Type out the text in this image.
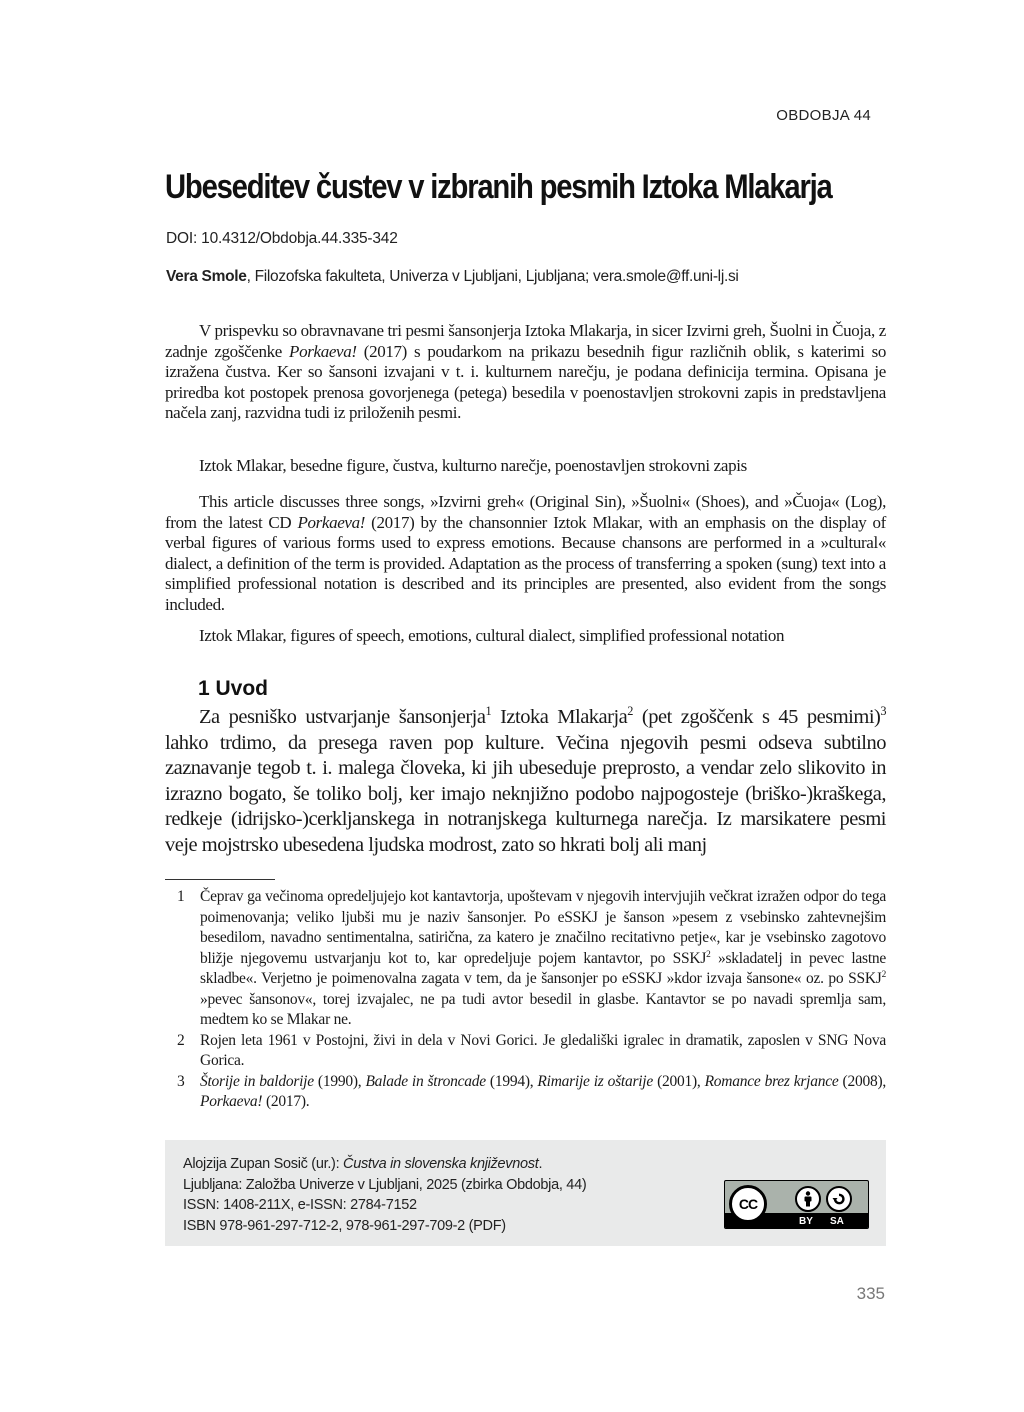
OBDOBJA 44
Ubeseditev čustev v izbranih pesmih Iztoka Mlakarja
DOI: 10.4312/Obdobja.44.335-342
Vera Smole, Filozofska fakulteta, Univerza v Ljubljani, Ljubljana; vera.smole@ff.uni-lj.si

V prispevku so obravnavane tri pesmi šansonjerja Iztoka Mlakarja, in sicer Izvirni greh, Šuolni in Čuoja, z zadnje zgoščenke Porkaeva! (2017) s poudarkom na prikazu besednih figur različnih oblik, s katerimi so izražena čustva. Ker so šansoni izvajani v t. i. kulturnem narečju, je podana definicija termina. Opisana je priredba kot postopek prenosa govorjenega (petega) besedila v poenostavljen strokovni zapis in predstavljena načela zanj, razvidna tudi iz priloženih pesmi.

Iztok Mlakar, besedne figure, čustva, kulturno narečje, poenostavljen strokovni zapis

This article discusses three songs, »Izvirni greh« (Original Sin), »Šuolni« (Shoes), and »Čuoja« (Log), from the latest CD Porkaeva! (2017) by the chansonnier Iztok Mlakar, with an emphasis on the display of verbal figures of various forms used to express emotions. Because chansons are performed in a »cultural« dialect, a definition of the term is provided. Adaptation as the process of transferring a spoken (sung) text into a simplified professional notation is described and its principles are presented, also evident from the songs included.

Iztok Mlakar, figures of speech, emotions, cultural dialect, simplified professional notation

1 Uvod

Za pesniško ustvarjanje šansonjerja$^1$ Iztoka Mlakarja$^2$ (pet zgoščenk s 45 pesmimi)$^3$ lahko trdimo, da presega raven pop kulture. Večina njegovih pesmi odseva subtilno zaznavanje tegob t. i. malega človeka, ki jih ubeseduje preprosto, a vendar zelo slikovito in izrazno bogato, še toliko bolj, ker imajo neknjižno podobo najpogosteje (briško-)kraškega, redkeje (idrijsko-)cerkljanskega in notranjskega kulturnega narečja. Iz marsikatere pesmi veje mojstrsko ubesedena ljudska modrost, zato so hkrati bolj ali manj

1	Čeprav ga večinoma opredeljujejo kot kantavtorja, upoštevam v njegovih intervjujih večkrat izražen odpor do tega poimenovanja; veliko ljubši mu je naziv šansonjer. Po eSSKJ je šanson »pesem z vsebinsko zahtevnejšim besedilom, navadno sentimentalna, satirična, za katero je značilno recitativno petje«, kar je vsebinsko zagotovo bližje njegovemu ustvarjanju kot to, kar opredeljuje pojem kantavtor, po SSKJ$^2$ »skladatelj in pevec lastne skladbe«. Verjetno je poimenovalna zagata v tem, da je šansonjer po eSSKJ »kdor izvaja šansone« oz. po SSKJ$^2$ »pevec šansonov«, torej izvajalec, ne pa tudi avtor besedil in glasbe. Kantavtor se po navadi spremlja sam, medtem ko se Mlakar ne.
2	Rojen leta 1961 v Postojni, živi in dela v Novi Gorici. Je gledališki igralec in dramatik, zaposlen v SNG Nova Gorica.
3	Štorije in baldorije (1990), Balade in štroncade (1994), Rimarije iz oštarije (2001), Romance brez krjance (2008), Porkaeva! (2017).
Alojzija Zupan Sosič (ur.): Čustva in slovenska književnost.
Ljubljana: Založba Univerze v Ljubljani, 2025 (zbirka Obdobja, 44)
ISSN: 1408-211X, e-ISSN: 2784-7152
ISBN 978-961-297-712-2, 978-961-297-709-2 (PDF)
CC
BY SA
335
